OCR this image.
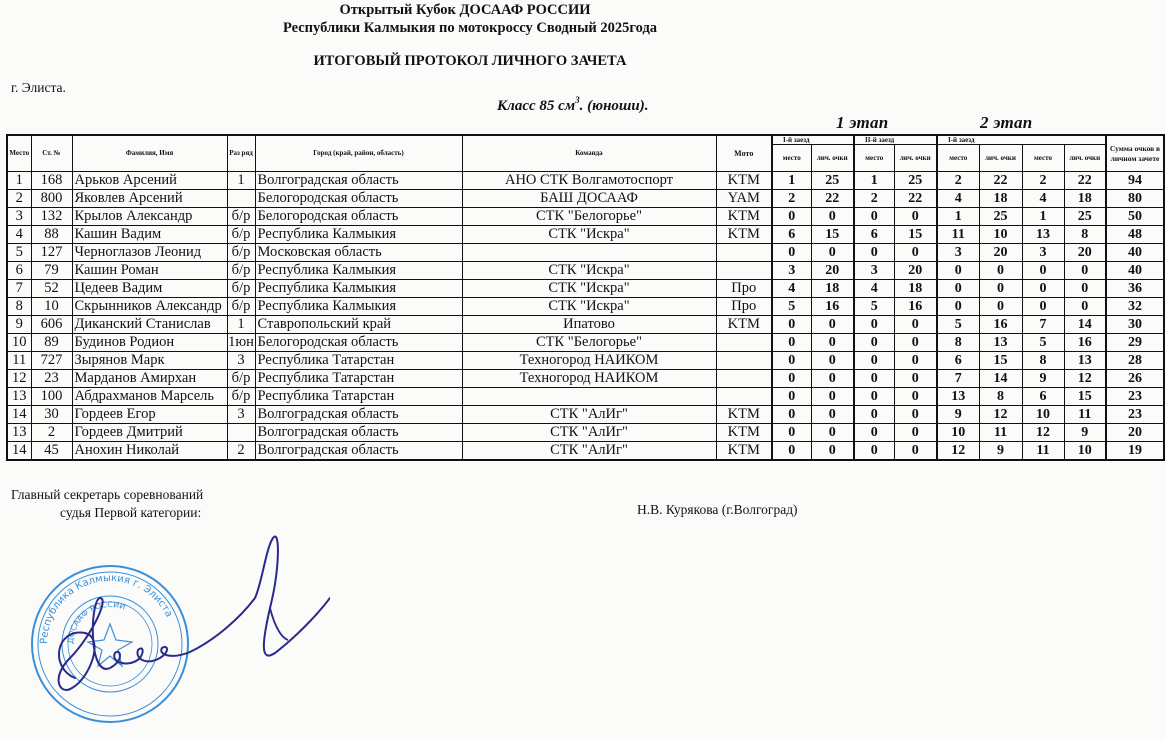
Открытый Кубок ДОСААФ РОССИИ
Республики Калмыкия по мотокроссу Сводный 2025года
ИТОГОВЫЙ ПРОТОКОЛ ЛИЧНОГО ЗАЧЕТА
г. Элиста.
Класс 85 $см^3$. (юноши).
1 этап	2 этап
Место	Ст. №	Фамилия, Имя	Раз ряд	Город (край, район, область)	Команда	Мото	I-й заезд		II-й заезд		I-й заезд				Сумма очков в личном зачете
							место	лич. очки	место	лич. очки	место	лич. очки	место	лич. очки	
1	168	Арьков Арсений	1	Волгоградская область	АНО СТК Волгамотоспорт	KTM	1	25	1	25	2	22	2	22	94
2	800	Яковлев Арсений		Белогородская область	БАШ ДОСААФ	YAM	2	22	2	22	4	18	4	18	80
3	132	Крылов Александр	б/р	Белогородская область	СТК "Белогорье"	KTM	0	0	0	0	1	25	1	25	50
4	88	Кашин Вадим	б/р	Республика Калмыкия	СТК "Искра"	KTM	6	15	6	15	11	10	13	8	48
5	127	Черноглазов Леонид	б/р	Московская область			0	0	0	0	3	20	3	20	40
6	79	Кашин Роман	б/р	Республика Калмыкия	СТК "Искра"		3	20	3	20	0	0	0	0	40
7	52	Цедеев Вадим	б/р	Республика Калмыкия	СТК "Искра"	Про	4	18	4	18	0	0	0	0	36
8	10	Скрынников Александр	б/р	Республика Калмыкия	СТК "Искра"	Про	5	16	5	16	0	0	0	0	32
9	606	Диканский Станислав	1	Ставропольский край	Ипатово	KTM	0	0	0	0	5	16	7	14	30
10	89	Будинов Родион	1юн	Белогородская область	СТК "Белогорье"		0	0	0	0	8	13	5	16	29
11	727	Зырянов Марк	3	Республика Татарстан	Техногород НАИКОМ		0	0	0	0	6	15	8	13	28
12	23	Марданов Амирхан	б/р	Республика Татарстан	Техногород НАИКОМ		0	0	0	0	7	14	9	12	26
13	100	Абдрахманов Марсель	б/р	Республика Татарстан			0	0	0	0	13	8	6	15	23
14	30	Гордеев Егор	3	Волгоградская область	СТК "АлИг"	KTM	0	0	0	0	9	12	10	11	23
13	2	Гордеев Дмитрий		Волгоградская область	СТК "АлИг"	KTM	0	0	0	0	10	11	12	9	20
14	45	Анохин Николай	2	Волгоградская область	СТК "АлИг"	KTM	0	0	0	0	12	9	11	10	19
Главный секретарь соревнований
судья Первой категории:	Н.В. Курякова (г.Волгоград)
Республика Калмыкия г. Элиста
ДОСААФ РОССИИ
